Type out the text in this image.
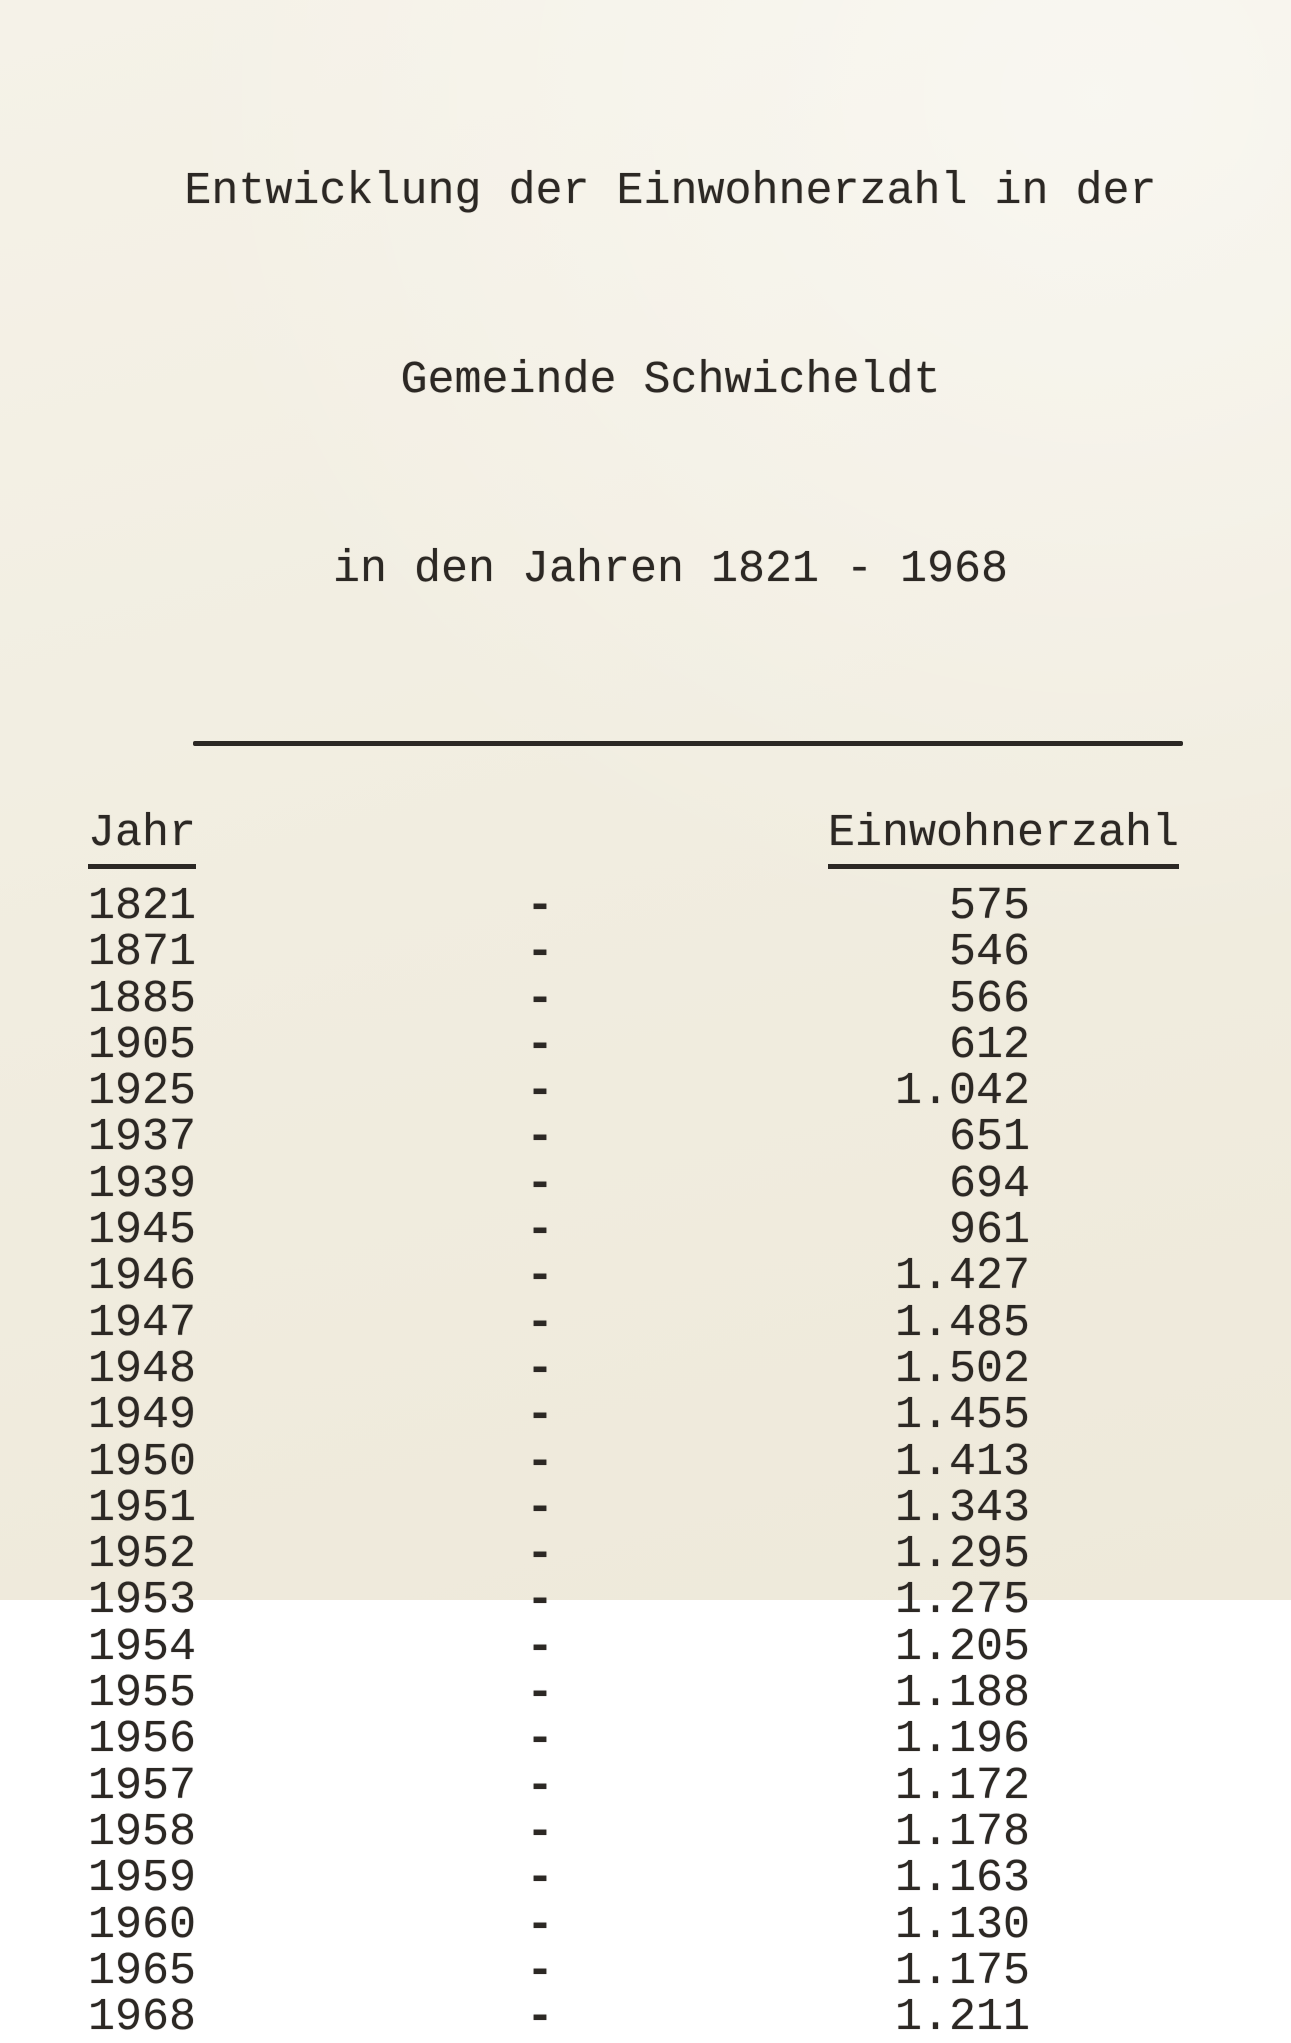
Entwicklung der Einwohnerzahl in der

Gemeinde Schwicheldt

in den Jahren 1821 - 1968

Jahr	Einwohnerzahl
1821	-	575
1871	-	546
1885	-	566
1905	-	612
1925	-	1.042
1937	-	651
1939	-	694
1945	-	961
1946	-	1.427
1947	-	1.485
1948	-	1.502
1949	-	1.455
1950	-	1.413
1951	-	1.343
1952	-	1.295
1953	-	1.275
1954	-	1.205
1955	-	1.188
1956	-	1.196
1957	-	1.172
1958	-	1.178
1959	-	1.163
1960	-	1.130
1965	-	1.175
1968	-	1.211
